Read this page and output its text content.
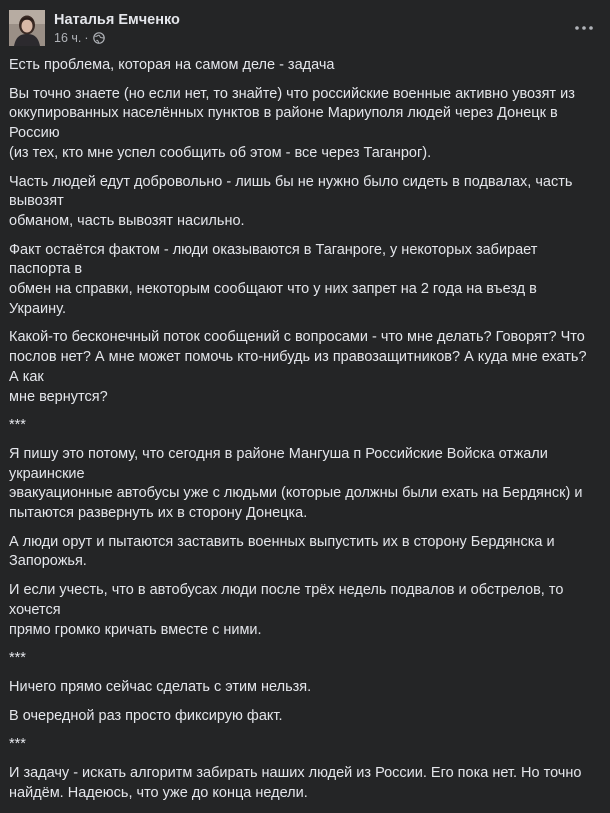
Наталья Емченко
16 ч. ·

Есть проблема, которая на самом деле - задача

Вы точно знаете (но если нет, то знайте) что российские военные активно увозят из
оккупированных населённых пунктов в районе Мариуполя людей через Донецк в Россию
(из тех, кто мне успел сообщить об этом - все через Таганрог).

Часть людей едут добровольно - лишь бы не нужно было сидеть в подвалах, часть вывозят
обманом, часть вывозят насильно.

Факт остаётся фактом - люди оказываются в Таганроге, у некоторых забирает паспорта в
обмен на справки, некоторым сообщают что у них запрет на 2 года на въезд в Украину.

Какой-то бесконечный поток сообщений с вопросами - что мне делать? Говорят? Что
послов нет? А мне может помочь кто-нибудь из правозащитников? А куда мне ехать? А как
мне вернутся?

***

Я пишу это потому, что сегодня в районе Мангуша п Российские Войска отжали украинские
эвакуационные автобусы уже с людьми (которые должны были ехать на Бердянск) и
пытаются развернуть их в сторону Донецка.

А люди орут и пытаются заставить военных выпустить их в сторону Бердянска и Запорожья.

И если учесть, что в автобусах люди после трёх недель подвалов и обстрелов, то хочется
прямо громко кричать вместе с ними.

***

Ничего прямо сейчас сделать с этим нельзя.

В очередной раз просто фиксирую факт.

***

И задачу - искать алгоритм забирать наших людей из России. Его пока нет. Но точно
найдём. Надеюсь, что уже до конца недели.
